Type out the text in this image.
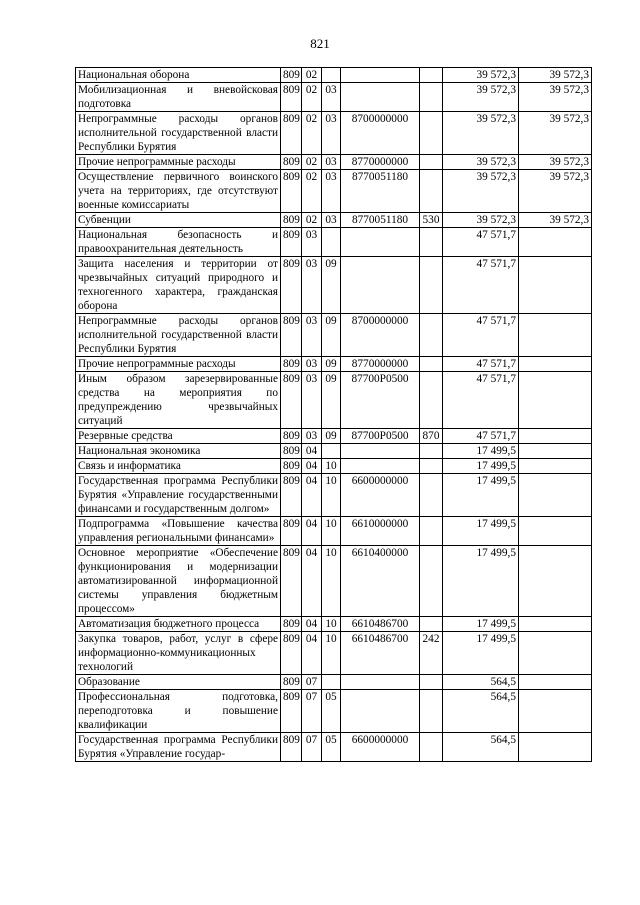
821
Национальная оборона	809	02				39 572,3	39 572,3
Мобилизационная и вневойсковая подготовка	809	02	03			39 572,3	39 572,3
Непрограммные расходы органов исполнительной государственной власти Республики Бурятия	809	02	03	8700000000		39 572,3	39 572,3
Прочие непрограммные расходы	809	02	03	8770000000		39 572,3	39 572,3
Осуществление первичного воинского учета на территориях, где отсутствуют военные комиссариаты	809	02	03	8770051180		39 572,3	39 572,3
Субвенции	809	02	03	8770051180	530	39 572,3	39 572,3
Национальная безопасность и правоохранительная деятельность	809	03				47 571,7	
Защита населения и территории от чрезвычайных ситуаций природного и техногенного характера, гражданская оборона	809	03	09			47 571,7	
Непрограммные расходы органов исполнительной государственной власти Республики Бурятия	809	03	09	8700000000		47 571,7	
Прочие непрограммные расходы	809	03	09	8770000000		47 571,7	
Иным образом зарезервированные средства на мероприятия по предупреждению чрезвычайных ситуаций	809	03	09	87700P0500		47 571,7	
Резервные средства	809	03	09	87700P0500	870	47 571,7	
Национальная экономика	809	04				17 499,5	
Связь и информатика	809	04	10			17 499,5	
Государственная программа Республики Бурятия «Управление государственными финансами и государственным долгом»	809	04	10	6600000000		17 499,5	
Подпрограмма «Повышение качества управления региональными финансами»	809	04	10	6610000000		17 499,5	
Основное мероприятие «Обеспечение функционирования и модернизации автоматизированной информационной системы управления бюджетным процессом»	809	04	10	6610400000		17 499,5	
Автоматизация бюджетного процесса	809	04	10	6610486700		17 499,5	
Закупка товаров, работ, услуг в сфере информационно-коммуникационных технологий	809	04	10	6610486700	242	17 499,5	
Образование	809	07				564,5	
Профессиональная подготовка, переподготовка и повышение квалификации	809	07	05			564,5	
Государственная программа Республики Бурятия «Управление государ-	809	07	05	6600000000		564,5	
